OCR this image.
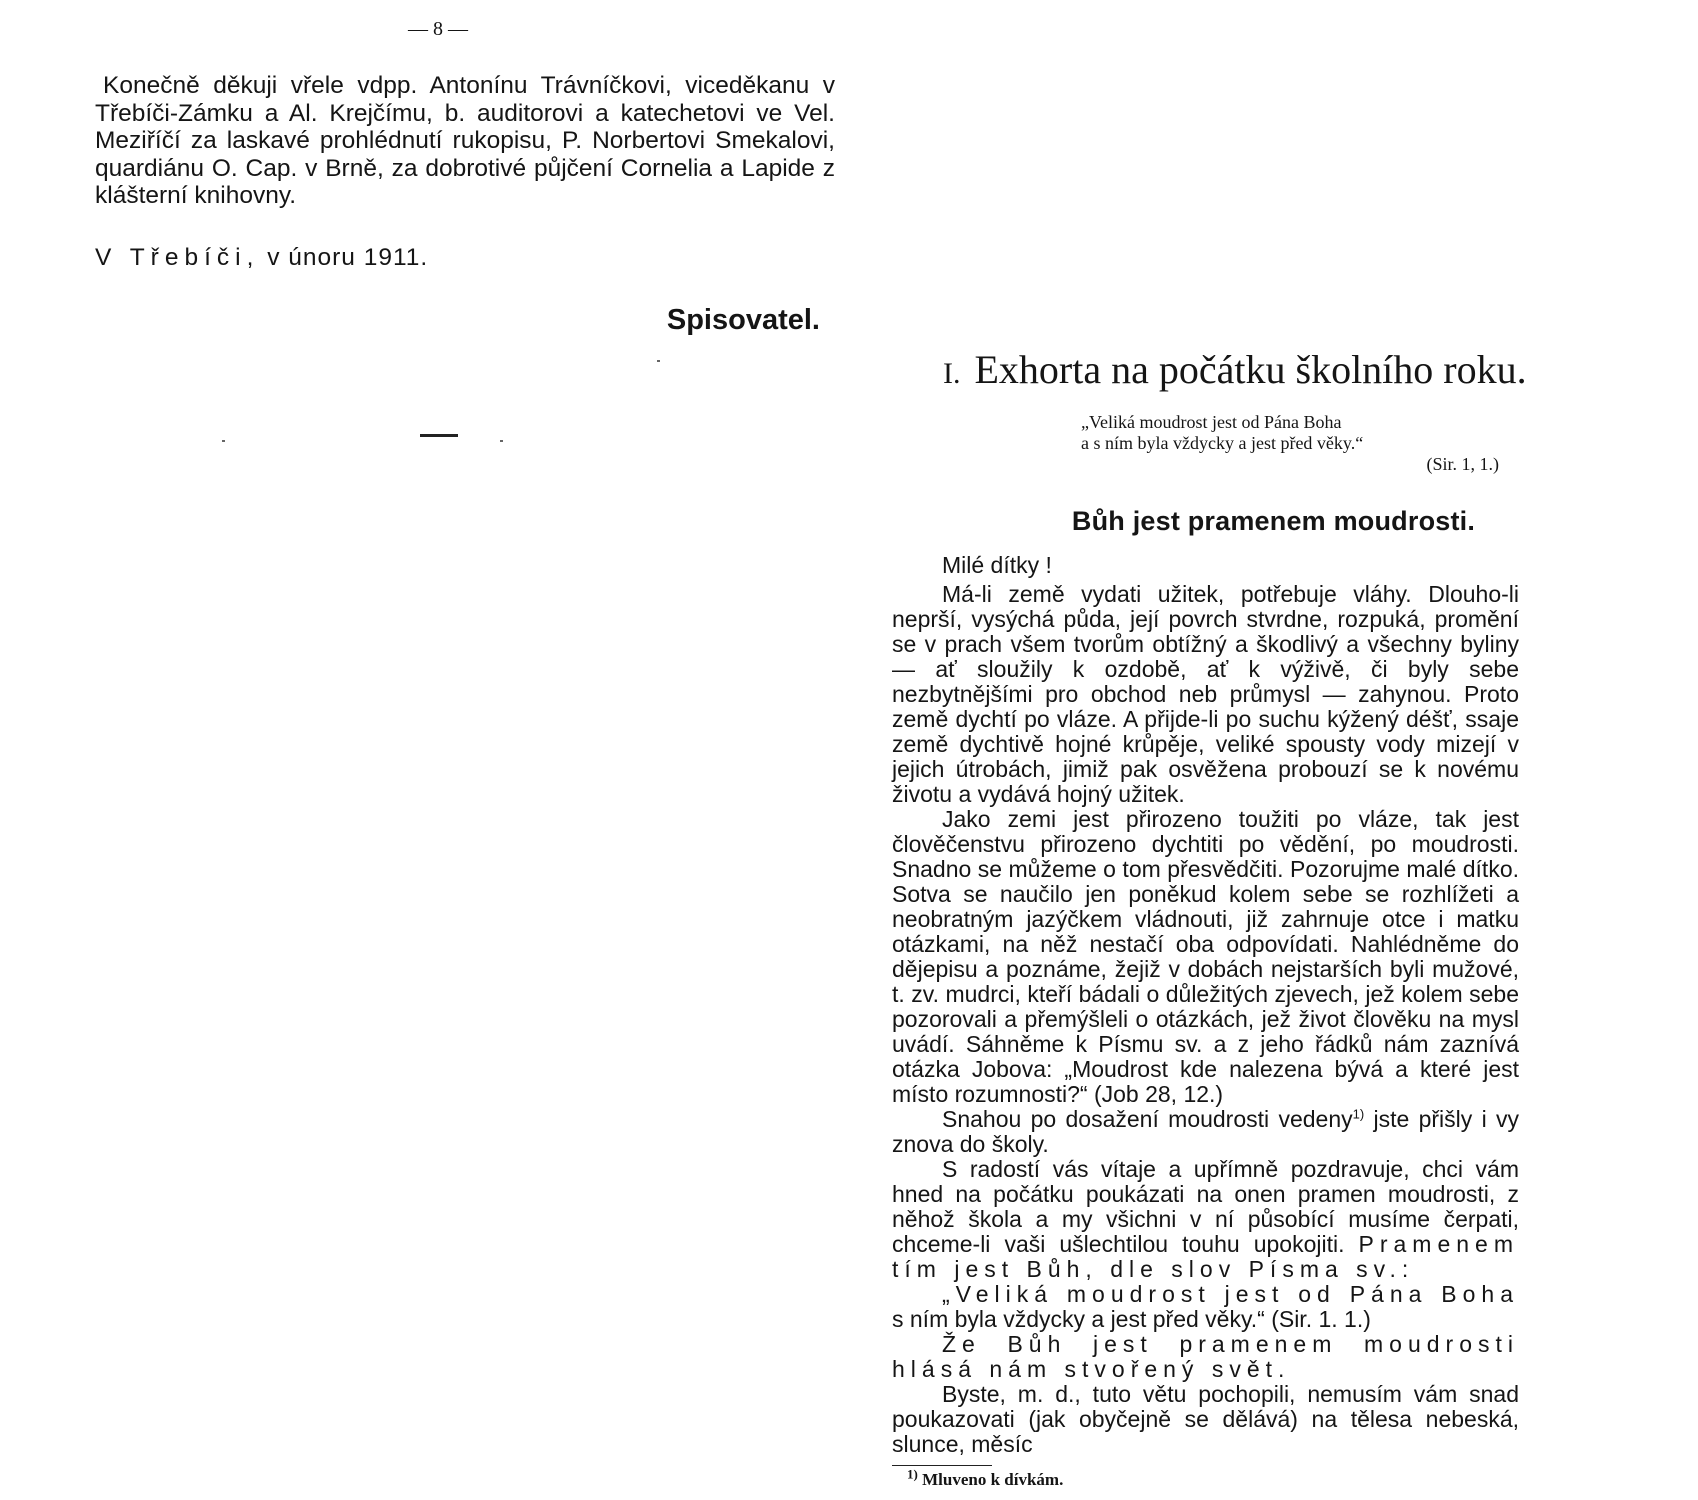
— 8 —

Konečně děkuji vřele vdpp. Antonínu Trávníčkovi, viceděkanu v Třebíči-Zámku a Al. Krejčímu, b. auditorovi a katechetovi ve Vel. Meziříčí za laskavé prohlédnutí rukopisu, P. Norbertovi Smekalovi, quardiánu O. Cap. v Brně, za dobrotivé půjčení Cornelia a Lapide z klášterní knihovny.

V Třebíči, v únoru 1911.
Spisovatel.
I. Exhorta na počátku školního roku.
„Veliká moudrost jest od Pána Boha
a s ním byla vždycky a jest před věky.“
(Sir. 1, 1.)
Bůh jest pramenem moudrosti.

Milé dítky !

Má-li země vydati užitek, potřebuje vláhy. Dlouho-li neprší, vysýchá půda, její povrch stvrdne, rozpuká, promění se v prach všem tvorům obtížný a škodlivý a všechny byliny — ať sloužily k ozdobě, ať k výživě, či byly sebe nezbytnějšími pro obchod neb průmysl — zahynou. Proto země dychtí po vláze. A přijde-li po suchu kýžený déšť, ssaje země dychtivě hojné krůpěje, veliké spousty vody mizejí v jejich útrobách, jimiž pak osvěžena probouzí se k novému životu a vydává hojný užitek.

Jako zemi jest přirozeno toužiti po vláze, tak jest člověčenstvu přirozeno dychtiti po vědění, po moudrosti. Snadno se můžeme o tom přesvědčiti. Pozorujme malé dítko. Sotva se naučilo jen poněkud kolem sebe se rozhlížeti a neobratným jazýčkem vládnouti, již zahrnuje otce i matku otázkami, na něž nestačí oba odpovídati. Nahlédněme do dějepisu a poznáme, žejiž v dobách nejstarších byli mužové, t. zv. mudrci, kteří bádali o důležitých zjevech, jež kolem sebe pozorovali a přemýšleli o otázkách, jež život člověku na mysl uvádí. Sáhněme k Písmu sv. a z jeho řádků nám zaznívá otázka Jobova: „Moudrost kde nalezena bývá a které jest místo rozumnosti?“ (Job 28, 12.)

Snahou po dosažení moudrosti vedeny$^{1)}$ jste přišly i vy znova do školy.

S radostí vás vítaje a upřímně pozdravuje, chci vám hned na počátku poukázati na onen pramen moudrosti, z něhož škola a my všichni v ní působící musíme čerpati, chceme-li vaši ušlechtilou touhu upokojiti. Pramenem tím jest Bůh, dle slov Písma sv.:

„Veliká moudrost jest od Pána Boha s ním byla vždycky a jest před věky.“ (Sir. 1. 1.)

Že Bůh jest pramenem moudrosti hlásá nám stvořený svět.

Byste, m. d., tuto větu pochopili, nemusím vám snad poukazovati (jak obyčejně se dělává) na tělesa nebeská, slunce, měsíc

$^{1)}$ Mluveno k dívkám.
